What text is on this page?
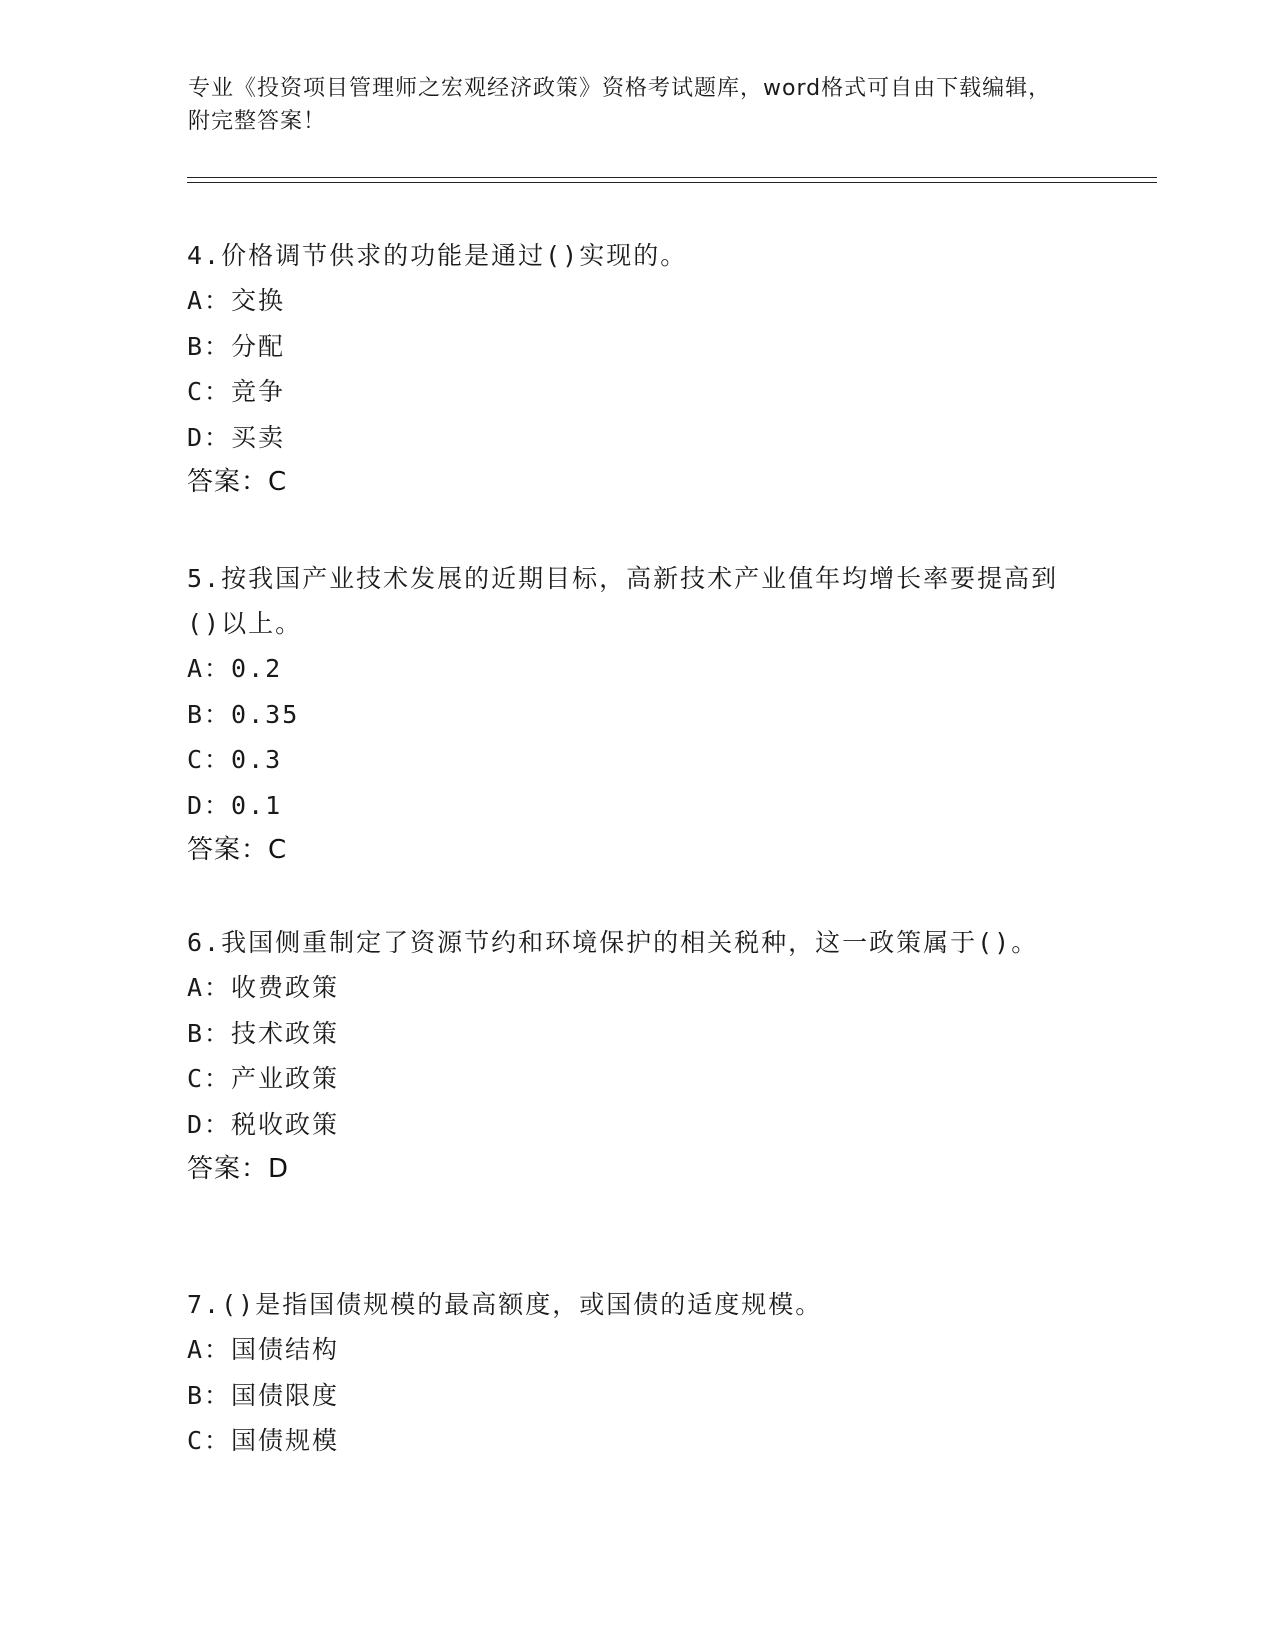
专业《投资项目管理师之宏观经济政策》资格考试题库，word格式可自由下载编辑，附完整答案！
4.价格调节供求的功能是通过()实现的。
A：交换
B：分配
C：竞争
D：买卖
答案：C
5.按我国产业技术发展的近期目标，高新技术产业值年均增长率要提高到()以上。
A：0.2
B：0.35
C：0.3
D：0.1
答案：C
6.我国侧重制定了资源节约和环境保护的相关税种，这一政策属于()。
A：收费政策
B：技术政策
C：产业政策
D：税收政策
答案：D
7.()是指国债规模的最高额度，或国债的适度规模。
A：国债结构
B：国债限度
C：国债规模
